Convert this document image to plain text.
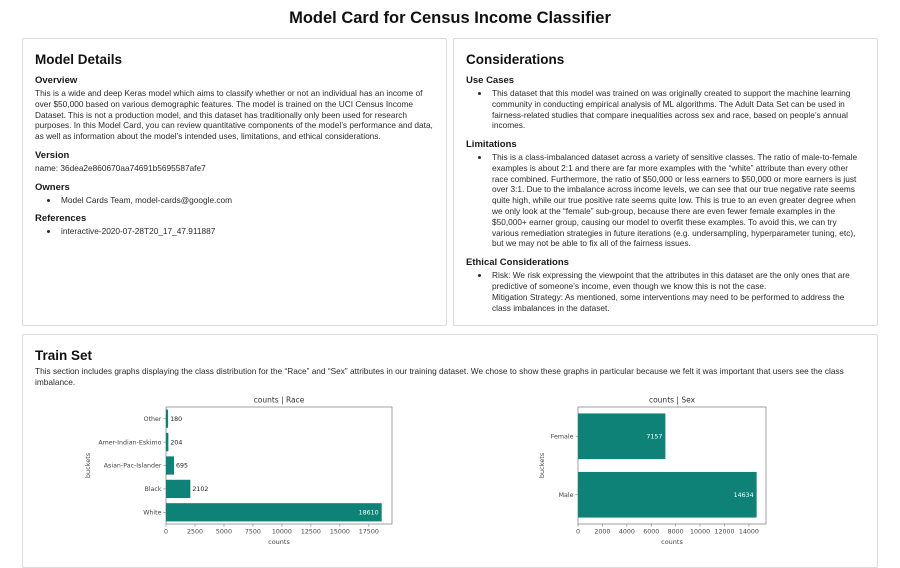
Model Card for Census Income Classifier
Model Details
Overview

This is a wide and deep Keras model which aims to classify whether or not an individual has an income of over $50,000 based on various demographic features. The model is trained on the UCI Census Income Dataset. This is not a production model, and this dataset has traditionally only been used for research purposes. In this Model Card, you can review quantitative components of the model’s performance and data, as well as information about the model’s intended uses, limitations, and ethical considerations.

Version

name: 36dea2e860670aa74691b5695587afe7

Owners
• Model Cards Team, model-cards@google.com
References
• interactive-2020-07-28T20_17_47.911887
Considerations
Use Cases
• This dataset that this model was trained on was originally created to support the machine learning community in conducting empirical analysis of ML algorithms. The Adult Data Set can be used in fairness-related studies that compare inequalities across sex and race, based on people’s annual incomes.
Limitations
• This is a class-imbalanced dataset across a variety of sensitive classes. The ratio of male-to-female examples is about 2:1 and there are far more examples with the “white” attribute than every other race combined. Furthermore, the ratio of $50,000 or less earners to $50,000 or more earners is just over 3:1. Due to the imbalance across income levels, we can see that our true negative rate seems quite high, while our true positive rate seems quite low. This is true to an even greater degree when we only look at the “female” sub-group, because there are even fewer female examples in the $50,000+ earner group, causing our model to overfit these examples. To avoid this, we can try various remediation strategies in future iterations (e.g. undersampling, hyperparameter tuning, etc), but we may not be able to fix all of the fairness issues.
Ethical Considerations
• Risk: We risk expressing the viewpoint that the attributes in this dataset are the only ones that are predictive of someone’s income, even though we know this is not the case.
Mitigation Strategy: As mentioned, some interventions may need to be performed to address the class imbalances in the dataset.
Train Set

This section includes graphs displaying the class distribution for the “Race” and “Sex” attributes in our training dataset. We chose to show these graphs in particular because we felt it was important that users see the class imbalance.

counts | Race
0	2500 5000 7500 10000 12500 15000 17500
counts
buckets
Other 180
Amer-Indian-Eskimo 204
Asian-Pac-Islander 695
Black	2102
White	18610
counts | Sex
0 2000 4000 6000 8000 10000 12000 14000
counts
buckets
Female	7157
Male	14634
